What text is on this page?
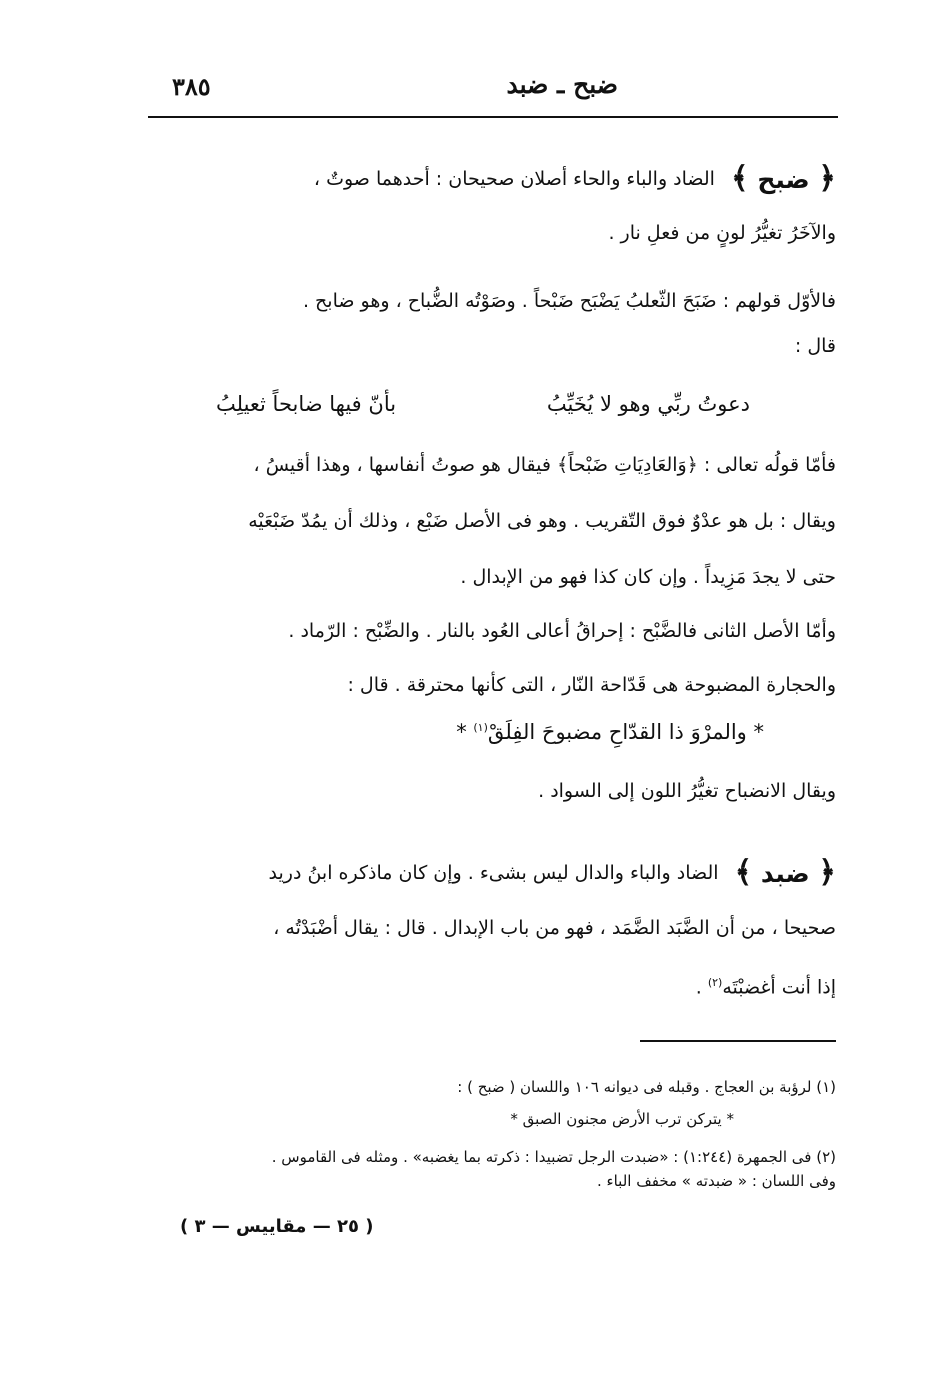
ضبح ـ ضبد
٣٨٥
﴿ ضبح ﴾ الضاد والباء والحاء أصلان صحيحان : أحدهما صوتٌ ،
والآخَرُ تغيُّرُ لونٍ من فعلِ نار .
فالأوّل قولهم : ضَبَحَ الثّعلبُ يَضْبَح ضَبْحاً . وصَوْتُه الضُّباح ، وهو ضابح .
قال :
دعوتُ ربِّي وهو لا يُخَيِّبُ
بأنّ فيها ضابحاً ثعيلِبُ
فأمّا قولُه تعالى : ﴿وَالعَادِيَاتِ ضَبْحاً﴾ فيقال هو صوتُ أنفاسها ، وهذا أقيسُ ،
ويقال : بل هو عدْوٌ فوق التّقريب . وهو فى الأصل ضَبْع ، وذلك أن يمُدّ ضَبْعَيْه
حتى لا يجدَ مَزِيداً . وإن كان كذا فهو من الإبدال .
وأمّا الأصل الثانى فالضَّبْح : إحراقُ أعالى العُود بالنار . والضِّبْح : الرّماد .
والحجارة المضبوحة هى قَدّاحة النّار ، التى كأنها محترقة . قال :
* والمرْوَ ذا القدّاحِ مضبوحَ الفِلَقْ$^{(١)}$ *
ويقال الانضباح تغيُّرُ اللون إلى السواد .
﴿ ضبد ﴾ الضاد والباء والدال ليس بشىء . وإن كان ماذكره ابنُ دريد
صحيحا ، من أن الضَّبَد الضَّمَد ، فهو من باب الإبدال . قال : يقال أضْبَدْتُه ،
إذا أنت أغضبْتَه$^{(٢)}$ .
(١) لرؤبة بن العجاج . وقبله فى ديوانه ١٠٦ واللسان ( ضبح ) :
* يتركن ترب الأرض مجنون الصبق *
(٢) فى الجمهرة (١:٢٤٤) : «ضبدت الرجل تضبيدا : ذكرته بما يغضبه» . ومثله فى القاموس .
وفى اللسان : « ضبدته » مخفف الباء .
( ٢٥ — مقاييس — ٣ )
